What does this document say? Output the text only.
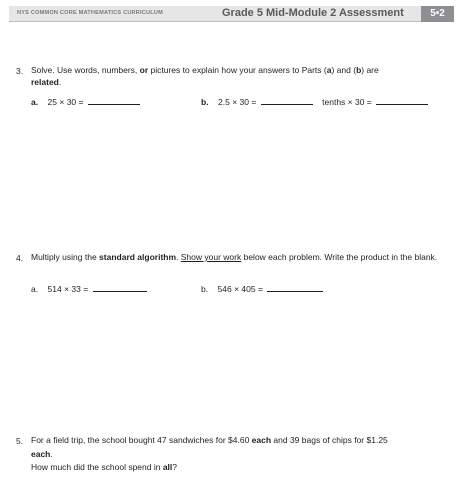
NYS COMMON CORE MATHEMATICS CURRICULUM	Grade 5 Mid-Module 2 Assessment	5•2
3. Solve. Use words, numbers, or pictures to explain how your answers to Parts (a) and (b) are
related.
a. 25 × 30 =	b. 2.5 × 30 =	tenths × 30 =
4. Multiply using the standard algorithm. Show your work below each problem. Write the product in the blank.
a. 514 × 33 =	b. 546 × 405 =
5. For a field trip, the school bought 47 sandwiches for $4.60 each and 39 bags of chips for $1.25
each.
How much did the school spend in all?
